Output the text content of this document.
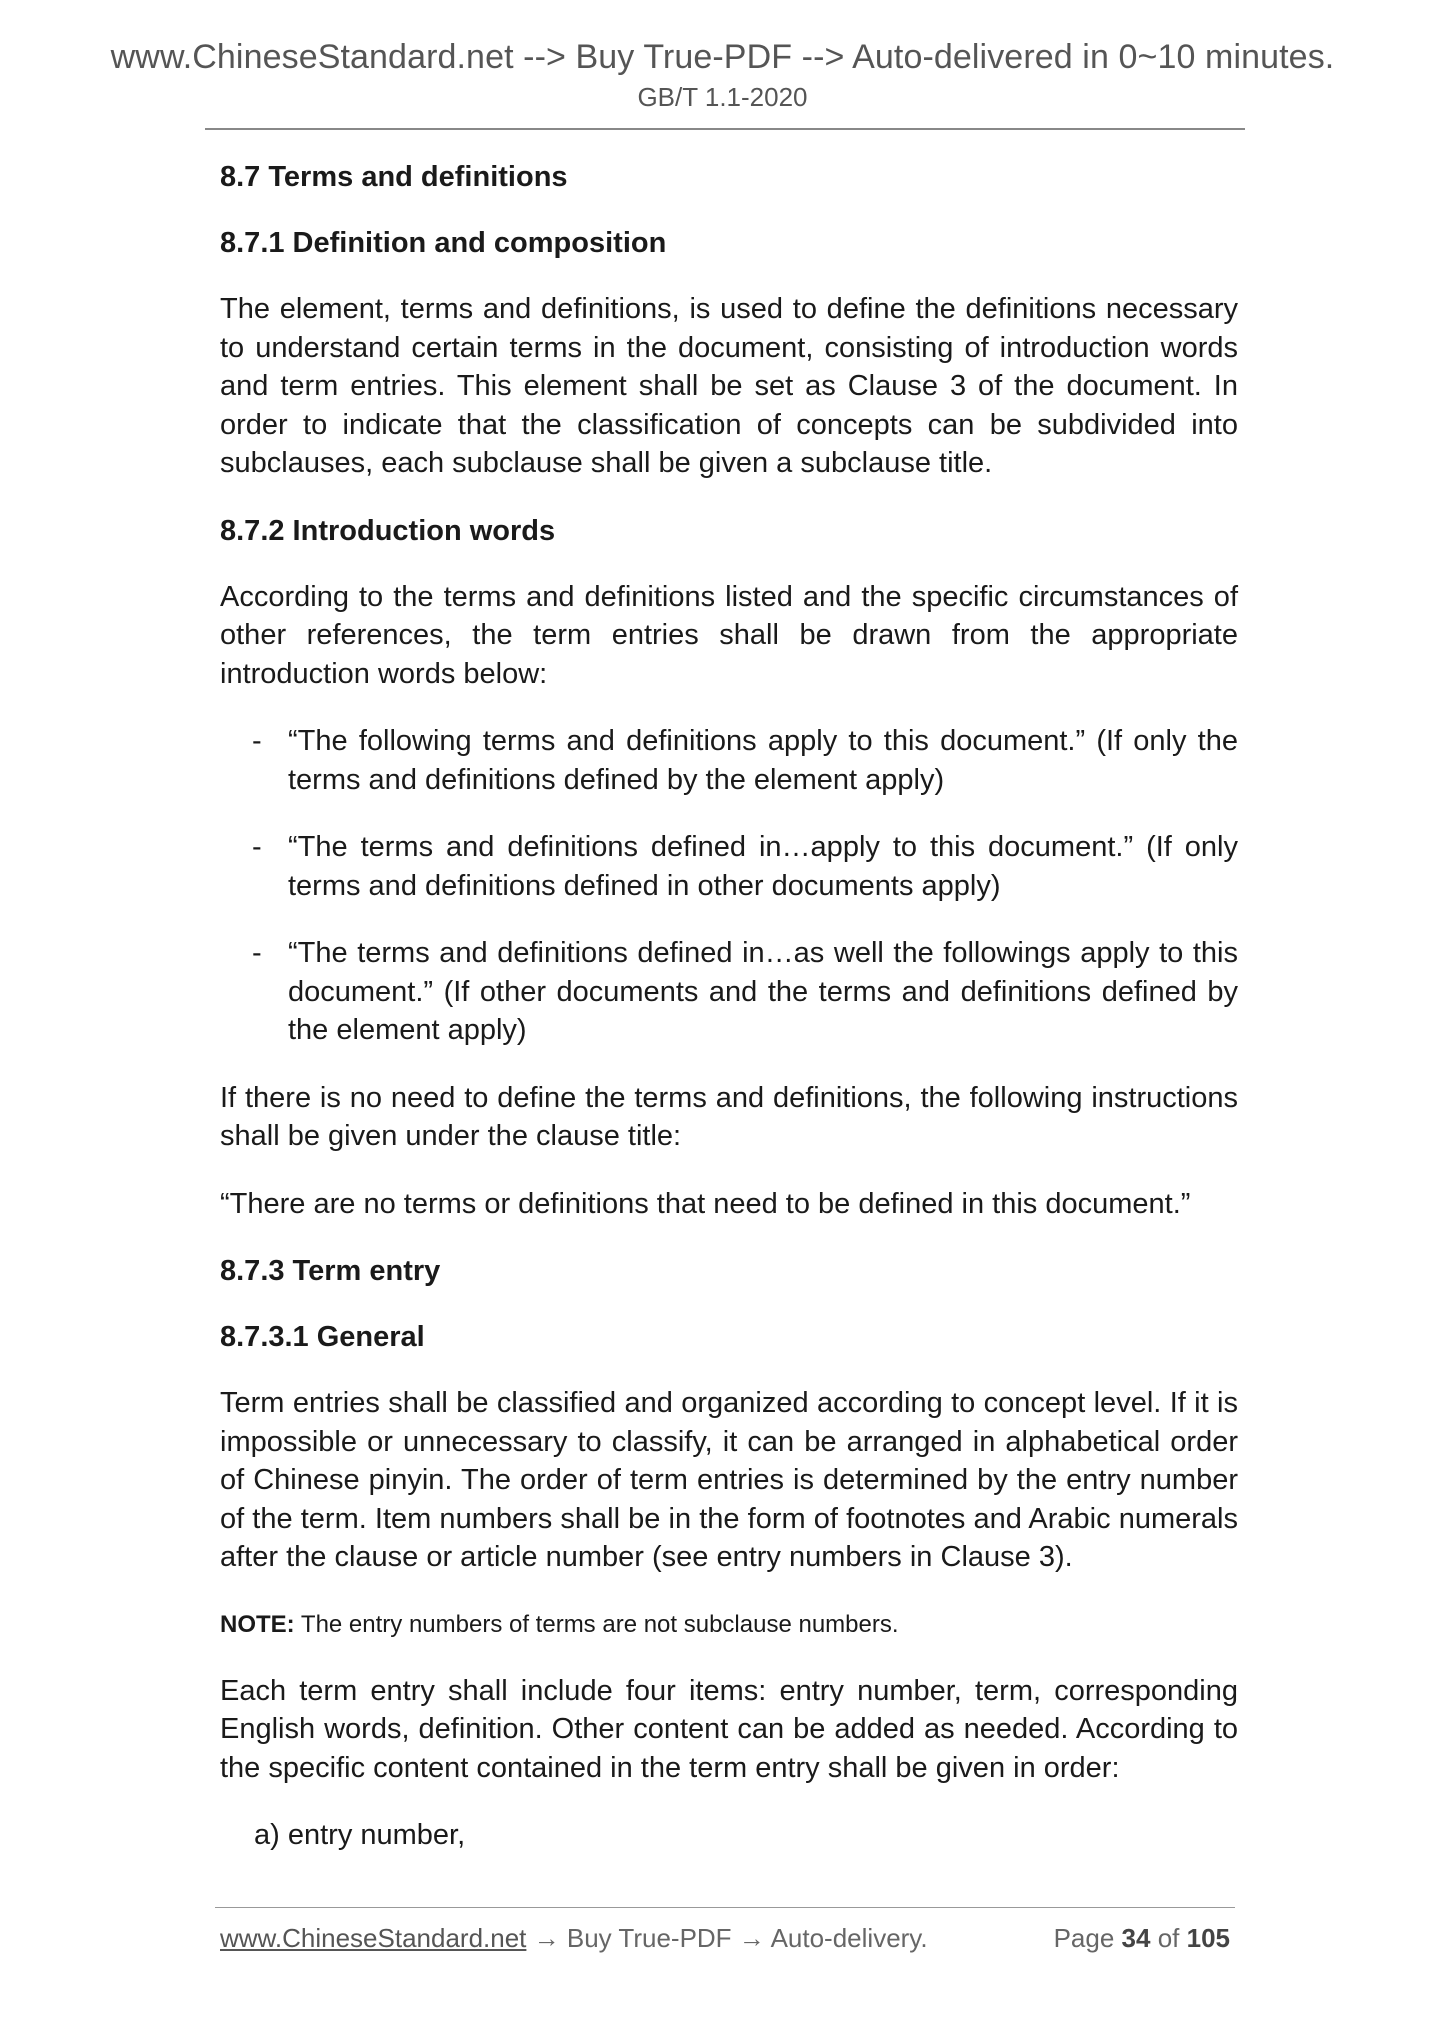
www.ChineseStandard.net --> Buy True-PDF --> Auto-delivered in 0~10 minutes.
GB/T 1.1-2020
8.7 Terms and definitions
8.7.1 Definition and composition

The element, terms and definitions, is used to define the definitions necessary to understand certain terms in the document, consisting of introduction words and term entries. This element shall be set as Clause 3 of the document. In order to indicate that the classification of concepts can be subdivided into subclauses, each subclause shall be given a subclause title.

8.7.2 Introduction words

According to the terms and definitions listed and the specific circumstances of other references, the term entries shall be drawn from the appropriate introduction words below:

- “The following terms and definitions apply to this document.” (If only the terms and definitions defined by the element apply)
- “The terms and definitions defined in…apply to this document.” (If only terms and definitions defined in other documents apply)
- “The terms and definitions defined in…as well the followings apply to this document.” (If other documents and the terms and definitions defined by the element apply)

If there is no need to define the terms and definitions, the following instructions shall be given under the clause title:

“There are no terms or definitions that need to be defined in this document.”

8.7.3 Term entry
8.7.3.1 General

Term entries shall be classified and organized according to concept level. If it is impossible or unnecessary to classify, it can be arranged in alphabetical order of Chinese pinyin. The order of term entries is determined by the entry number of the term. Item numbers shall be in the form of footnotes and Arabic numerals after the clause or article number (see entry numbers in Clause 3).

NOTE: The entry numbers of terms are not subclause numbers.

Each term entry shall include four items: entry number, term, corresponding English words, definition. Other content can be added as needed. According to the specific content contained in the term entry shall be given in order:

a) entry number,
www.ChineseStandard.net → Buy True-PDF → Auto-delivery.	Page 34 of 105
